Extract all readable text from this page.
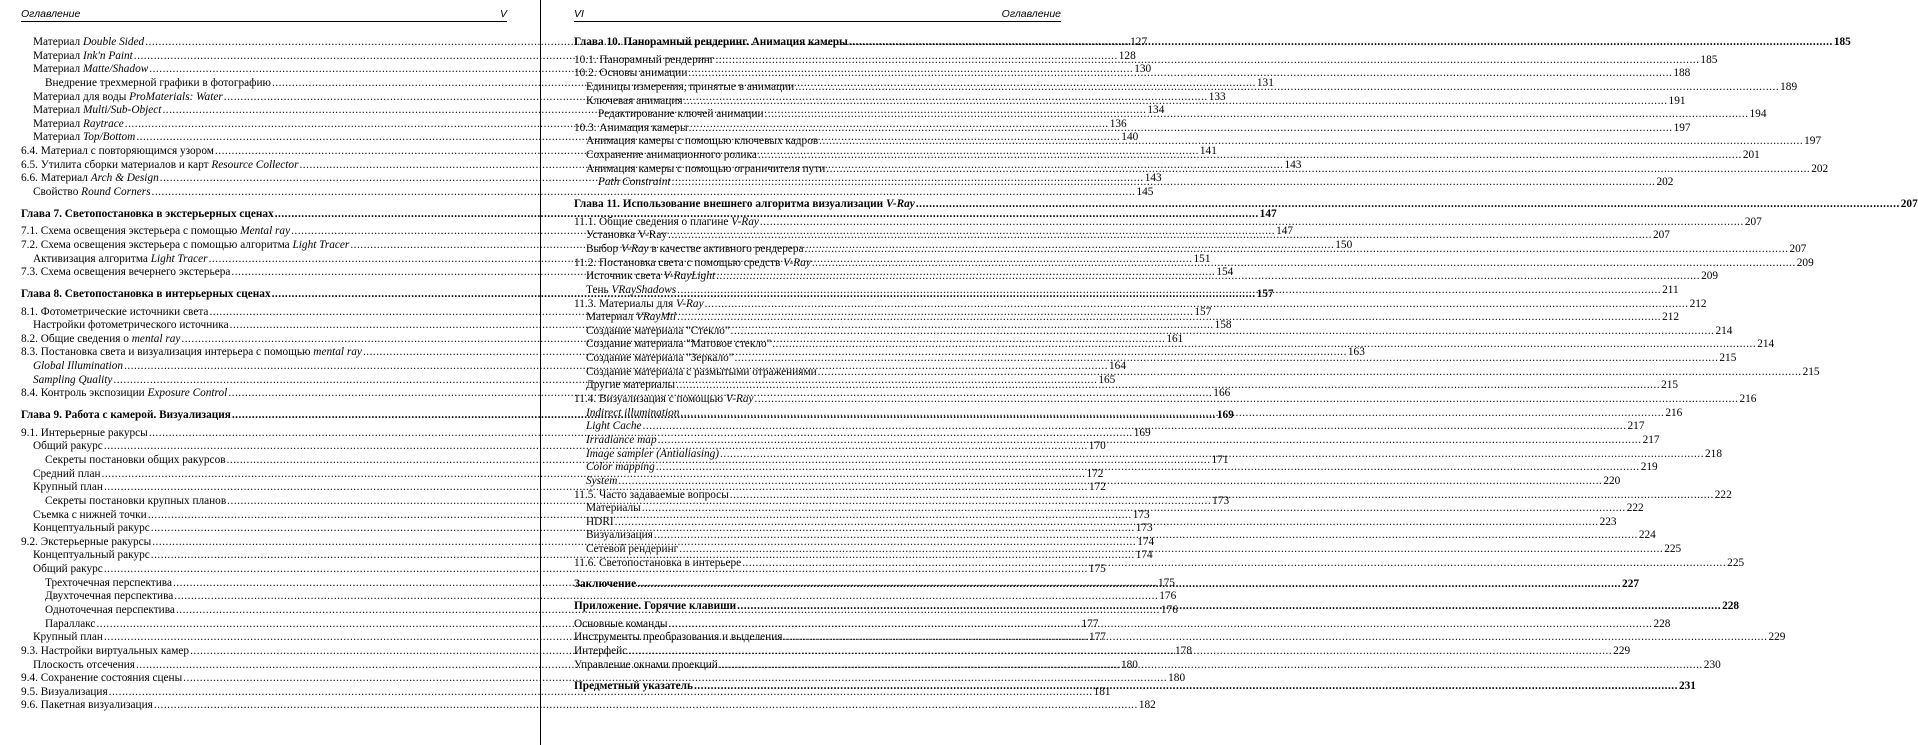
Оглавление	V
Материал Double Sided .....	127
Материал Ink'n Paint .....	128
Материал Matte/Shadow .....	130
Внедрение трехмерной графики в фотографию .....	131
Материал для воды ProMaterials: Water .....	133
Материал Multi/Sub-Object .....	134
Материал Raytrace .....	136
Материал Top/Bottom .....	140
6.4. Материал с повторяющимся узором .....	141
6.5. Утилита сборки материалов и карт Resource Collector .....	143
6.6. Материал Arch & Design .....	143
Свойство Round Corners .....	145
Глава 7. Светопостановка в экстерьерных сценах .....	147
7.1. Схема освещения экстерьера с помощью Mental ray .....	147
7.2. Схема освещения экстерьера с помощью алгоритма Light Tracer .....	150
Активизация алгоритма Light Tracer .....	151
7.3. Схема освещения вечернего экстерьера .....	154
Глава 8. Светопостановка в интерьерных сценах .....	157
8.1. Фотометрические источники света .....	157
Настройки фотометрического источника .....	158
8.2. Общие сведения о mental ray .....	161
8.3. Постановка света и визуализация интерьера с помощью mental ray .....	163
Global Illumination .....	164
Sampling Quality .....	165
8.4. Контроль экспозиции Exposure Control .....	166
Глава 9. Работа с камерой. Визуализация .....	169
9.1. Интерьерные ракурсы .....	169
Общий ракурс .....	170
Секреты постановки общих ракурсов .....	171
Средний план .....	172
Крупный план .....	172
Секреты постановки крупных планов .....	173
Съемка с нижней точки .....	173
Концептуальный ракурс .....	173
9.2. Экстерьерные ракурсы .....	174
Концептуальный ракурс .....	174
Общий ракурс .....	175
Трехточечная перспектива .....	175
Двухточечная перспектива .....	176
Одноточечная перспектива .....	176
Параллакс .....	177
Крупный план .....	177
9.3. Настройки виртуальных камер .....	178
Плоскость отсечения .....	180
9.4. Сохранение состояния сцены .....	180
9.5. Визуализация .....	181
9.6. Пакетная визуализация .....	182
VI	Оглавление
Глава 10. Панорамный рендеринг. Анимация камеры .....	185
10.1. Панорамный рендеринг .....	185
10.2. Основы анимации .....	188
Единицы измерения, принятые в анимации .....	189
Ключевая анимация .....	191
Редактирование ключей анимации .....	194
10.3. Анимация камеры .....	197
Анимация камеры с помощью ключевых кадров .....	197
Сохранение анимационного ролика .....	201
Анимация камеры с помощью ограничителя пути .....	202
Path Constraint .....	202
Глава 11. Использование внешнего алгоритма визуализации V-Ray .....	207
11.1. Общие сведения о плагине V-Ray .....	207
Установка V-Ray .....	207
Выбор V-Ray в качестве активного рендерера .....	207
11.2. Постановка света с помощью средств V-Ray .....	209
Источник света V-RayLight .....	209
Тень VRayShadows .....	211
11.3. Материалы для V-Ray .....	212
Материал VRayMtl .....	212
Создание материала "Стекло" .....	214
Создание материала "Матовое стекло" .....	214
Создание материала "Зеркало" .....	215
Создание материала с размытыми отражениями .....	215
Другие материалы .....	215
11.4. Визуализация с помощью V-Ray .....	216
Indirect illumination .....	216
Light Cache .....	217
Irradiance map .....	217
Image sampler (Antialiasing) .....	218
Color mapping .....	219
System .....	220
11.5. Часто задаваемые вопросы .....	222
Материалы .....	222
HDRI .....	223
Визуализация .....	224
Сетевой рендеринг .....	225
11.6. Светопостановка в интерьере .....	225
Заключение .....	227
Приложение. Горячие клавиши .....	228
Основные команды .....	228
Инструменты преобразования и выделения .....	229
Интерфейс .....	229
Управление окнами проекций .....	230
Предметный указатель .....	231
